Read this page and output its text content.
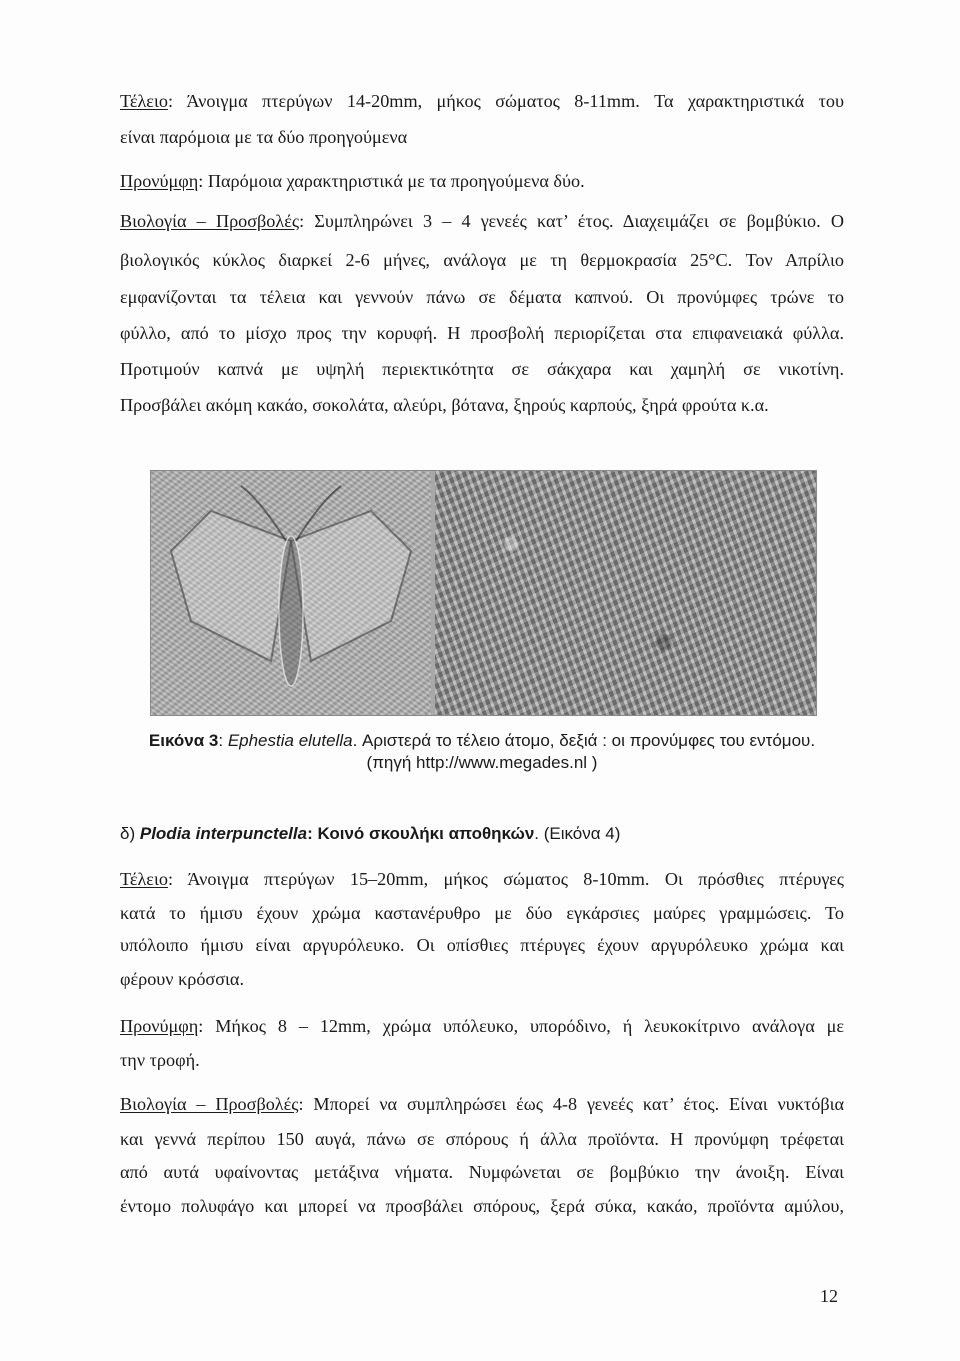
Τέλειο: Άνοιγμα πτερύγων 14-20mm, μήκος σώματος 8-11mm. Τα χαρακτηριστικά του
είναι παρόμοια με τα δύο προηγούμενα
Προνύμφη: Παρόμοια χαρακτηριστικά με τα προηγούμενα δύο.
Βιολογία – Προσβολές: Συμπληρώνει 3 – 4 γενεές κατ’ έτος. Διαχειμάζει σε βομβύκιο. Ο
βιολογικός κύκλος διαρκεί 2-6 μήνες, ανάλογα με τη θερμοκρασία 25°C. Τον Απρίλιο
εμφανίζονται τα τέλεια και γεννούν πάνω σε δέματα καπνού. Οι προνύμφες τρώνε το
φύλλο, από το μίσχο προς την κορυφή. Η προσβολή περιορίζεται στα επιφανειακά φύλλα.
Προτιμούν καπνά με υψηλή περιεκτικότητα σε σάκχαρα και χαμηλή σε νικοτίνη.
Προσβάλει ακόμη κακάο, σοκολάτα, αλεύρι, βότανα, ξηρούς καρπούς, ξηρά φρούτα κ.α.
Εικόνα 3: Ephestia elutella. Αριστερά το τέλειο άτομο, δεξιά : οι προνύμφες του εντόμου.
(πηγή http://www.megades.nl )
δ) Plodia interpunctella: Κοινό σκουλήκι αποθηκών. (Εικόνα 4)
Τέλειο: Άνοιγμα πτερύγων 15–20mm, μήκος σώματος 8-10mm. Οι πρόσθιες πτέρυγες
κατά το ήμισυ έχουν χρώμα καστανέρυθρο με δύο εγκάρσιες μαύρες γραμμώσεις. Το
υπόλοιπο ήμισυ είναι αργυρόλευκο. Οι οπίσθιες πτέρυγες έχουν αργυρόλευκο χρώμα και
φέρουν κρόσσια.
Προνύμφη: Μήκος 8 – 12mm, χρώμα υπόλευκο, υπορόδινο, ή λευκοκίτρινο ανάλογα με
την τροφή.
Βιολογία – Προσβολές: Μπορεί να συμπληρώσει έως 4-8 γενεές κατ’ έτος. Είναι νυκτόβια
και γεννά περίπου 150 αυγά, πάνω σε σπόρους ή άλλα προϊόντα. Η προνύμφη τρέφεται
από αυτά υφαίνοντας μετάξινα νήματα. Νυμφώνεται σε βομβύκιο την άνοιξη. Είναι
έντομο πολυφάγο και μπορεί να προσβάλει σπόρους, ξερά σύκα, κακάο, προϊόντα αμύλου,
12
